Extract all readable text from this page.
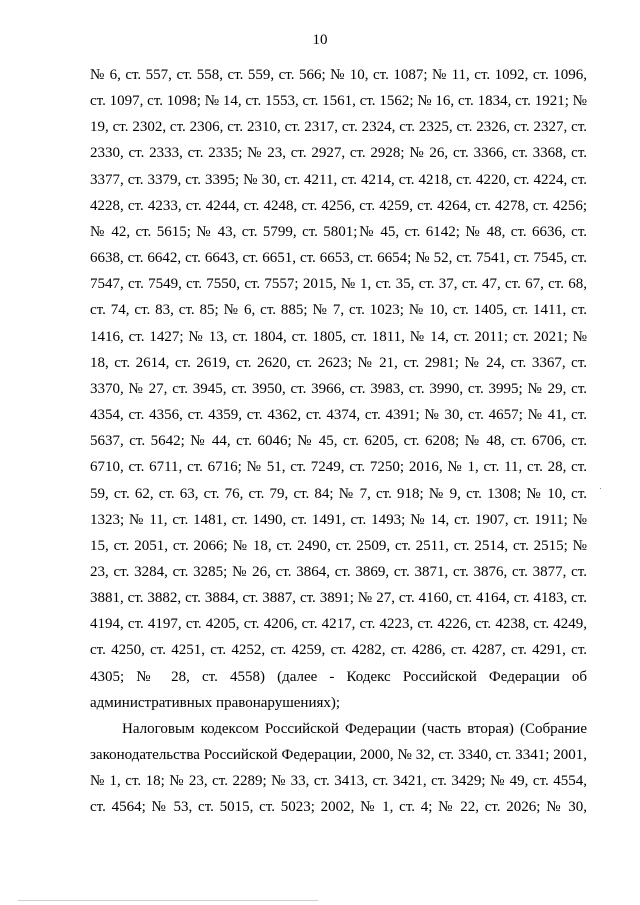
10

№ 6, ст. 557, ст. 558, ст. 559, ст. 566; № 10, ст. 1087; № 11, ст. 1092, ст. 1096, ст. 1097, ст. 1098; № 14, ст. 1553, ст. 1561, ст. 1562; № 16, ст. 1834, ст. 1921; № 19, ст. 2302, ст. 2306, ст. 2310, ст. 2317, ст. 2324, ст. 2325, ст. 2326, ст. 2327, ст. 2330, ст. 2333, ст. 2335; № 23, ст. 2927, ст. 2928; № 26, ст. 3366, ст. 3368, ст. 3377, ст. 3379, ст. 3395; № 30, ст. 4211, ст. 4214, ст. 4218, ст. 4220, ст. 4224, ст. 4228, ст. 4233, ст. 4244, ст. 4248, ст. 4256, ст. 4259, ст. 4264, ст. 4278, ст. 4256; № 42, ст. 5615; № 43, ст. 5799, ст. 5801;№ 45, ст. 6142; № 48, ст. 6636, ст. 6638, ст. 6642, ст. 6643, ст. 6651, ст. 6653, ст. 6654; № 52, ст. 7541, ст. 7545, ст. 7547, ст. 7549, ст. 7550, ст. 7557; 2015, № 1, ст. 35, ст. 37, ст. 47, ст. 67, ст. 68, ст. 74, ст. 83, ст. 85; № 6, ст. 885; № 7, ст. 1023; № 10, ст. 1405, ст. 1411, ст. 1416, ст. 1427; № 13, ст. 1804, ст. 1805, ст. 1811, № 14, ст. 2011; ст. 2021; № 18, ст. 2614, ст. 2619, ст. 2620, ст. 2623; № 21, ст. 2981; № 24, ст. 3367, ст. 3370, № 27, ст. 3945, ст. 3950, ст. 3966, ст. 3983, ст. 3990, ст. 3995; № 29, ст. 4354, ст. 4356, ст. 4359, ст. 4362, ст. 4374, ст. 4391; № 30, ст. 4657; № 41, ст. 5637, ст. 5642; № 44, ст. 6046; № 45, ст. 6205, ст. 6208; № 48, ст. 6706, ст. 6710, ст. 6711, ст. 6716; № 51, ст. 7249, ст. 7250; 2016, № 1, ст. 11, ст. 28, ст. 59, ст. 62, ст. 63, ст. 76, ст. 79, ст. 84; № 7, ст. 918; № 9, ст. 1308; № 10, ст. 1323; № 11, ст. 1481, ст. 1490, ст. 1491, ст. 1493; № 14, ст. 1907, ст. 1911; № 15, ст. 2051, ст. 2066; № 18, ст. 2490, ст. 2509, ст. 2511, ст. 2514, ст. 2515; № 23, ст. 3284, ст. 3285; № 26, ст. 3864, ст. 3869, ст. 3871, ст. 3876, ст. 3877, ст. 3881, ст. 3882, ст. 3884, ст. 3887, ст. 3891; № 27, ст. 4160, ст. 4164, ст. 4183, ст. 4194, ст. 4197, ст. 4205, ст. 4206, ст. 4217, ст. 4223, ст. 4226, ст. 4238, ст. 4249, ст. 4250, ст. 4251, ст. 4252, ст. 4259, ст. 4282, ст. 4286, ст. 4287, ст. 4291, ст. 4305; № 28, ст. 4558) (далее - Кодекс Российской Федерации об административных правонарушениях);

Налоговым кодексом Российской Федерации (часть вторая) (Собрание законодательства Российской Федерации, 2000, № 32, ст. 3340, ст. 3341; 2001, № 1, ст. 18; № 23, ст. 2289; № 33, ст. 3413, ст. 3421, ст. 3429; № 49, ст. 4554, ст. 4564; № 53, ст. 5015, ст. 5023; 2002, № 1, ст. 4; № 22, ст. 2026; № 30,
